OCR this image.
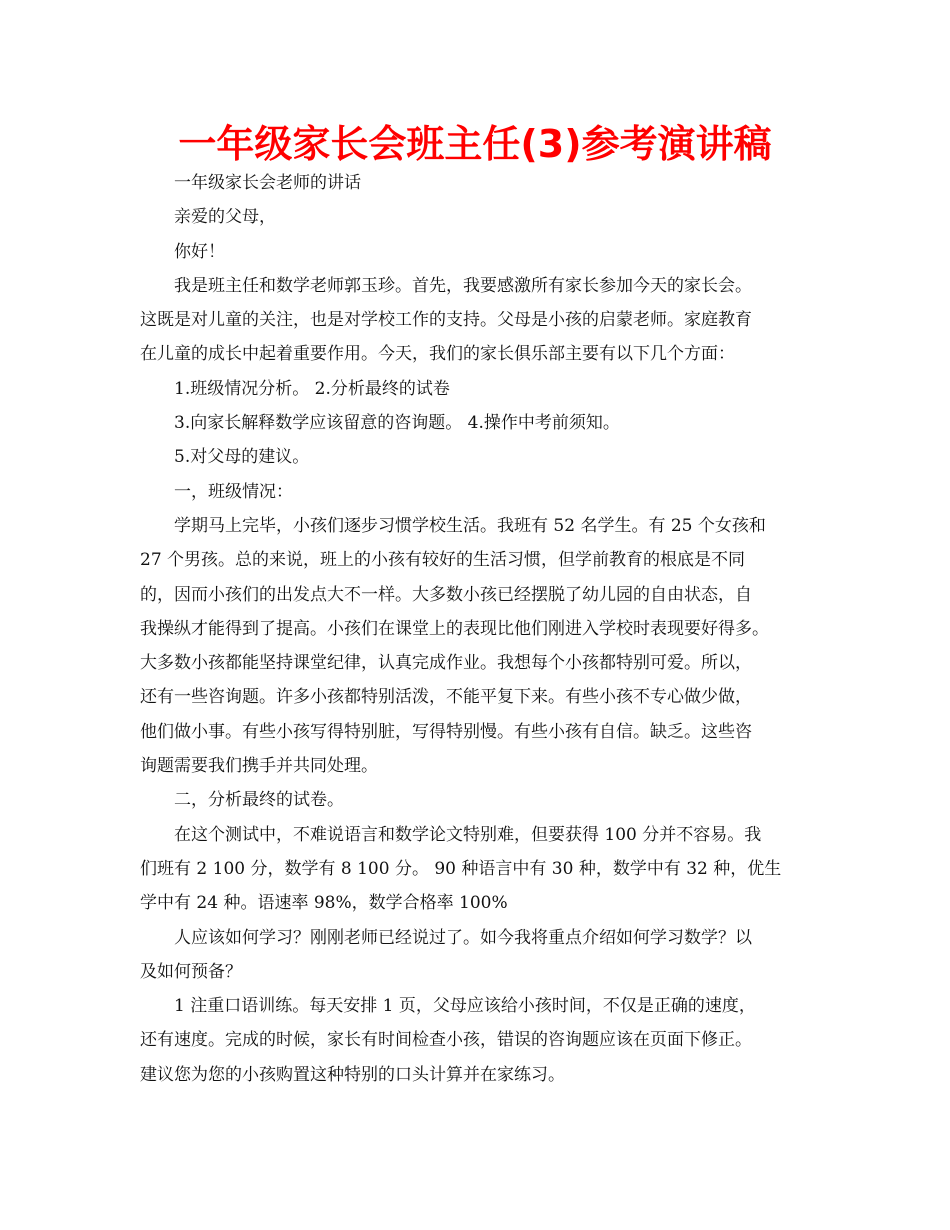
一年级家长会班主任(3)参考演讲稿
一年级家长会老师的讲话
亲爱的父母，
你好！
我是班主任和数学老师郭玉珍。首先，我要感激所有家长参加今天的家长会。
这既是对儿童的关注，也是对学校工作的支持。父母是小孩的启蒙老师。家庭教育
在儿童的成长中起着重要作用。今天，我们的家长俱乐部主要有以下几个方面：
1.班级情况分析。 2.分析最终的试卷
3.向家长解释数学应该留意的咨询题。 4.操作中考前须知。
5.对父母的建议。
一，班级情况：
学期马上完毕，小孩们逐步习惯学校生活。我班有 52 名学生。有 25 个女孩和
27 个男孩。总的来说，班上的小孩有较好的生活习惯，但学前教育的根底是不同
的，因而小孩们的出发点大不一样。大多数小孩已经摆脱了幼儿园的自由状态，自
我操纵才能得到了提高。小孩们在课堂上的表现比他们刚进入学校时表现要好得多。
大多数小孩都能坚持课堂纪律，认真完成作业。我想每个小孩都特别可爱。所以，
还有一些咨询题。许多小孩都特别活泼，不能平复下来。有些小孩不专心做少做，
他们做小事。有些小孩写得特别脏，写得特别慢。有些小孩有自信。缺乏。这些咨
询题需要我们携手并共同处理。
二，分析最终的试卷。
在这个测试中，不难说语言和数学论文特别难，但要获得 100 分并不容易。我
们班有 2 100 分，数学有 8 100 分。 90 种语言中有 30 种，数学中有 32 种，优生
学中有 24 种。语速率 98%，数学合格率 100%
人应该如何学习？刚刚老师已经说过了。如今我将重点介绍如何学习数学？以
及如何预备？
1 注重口语训练。每天安排 1 页，父母应该给小孩时间，不仅是正确的速度，
还有速度。完成的时候，家长有时间检查小孩，错误的咨询题应该在页面下修正。
建议您为您的小孩购置这种特别的口头计算并在家练习。
